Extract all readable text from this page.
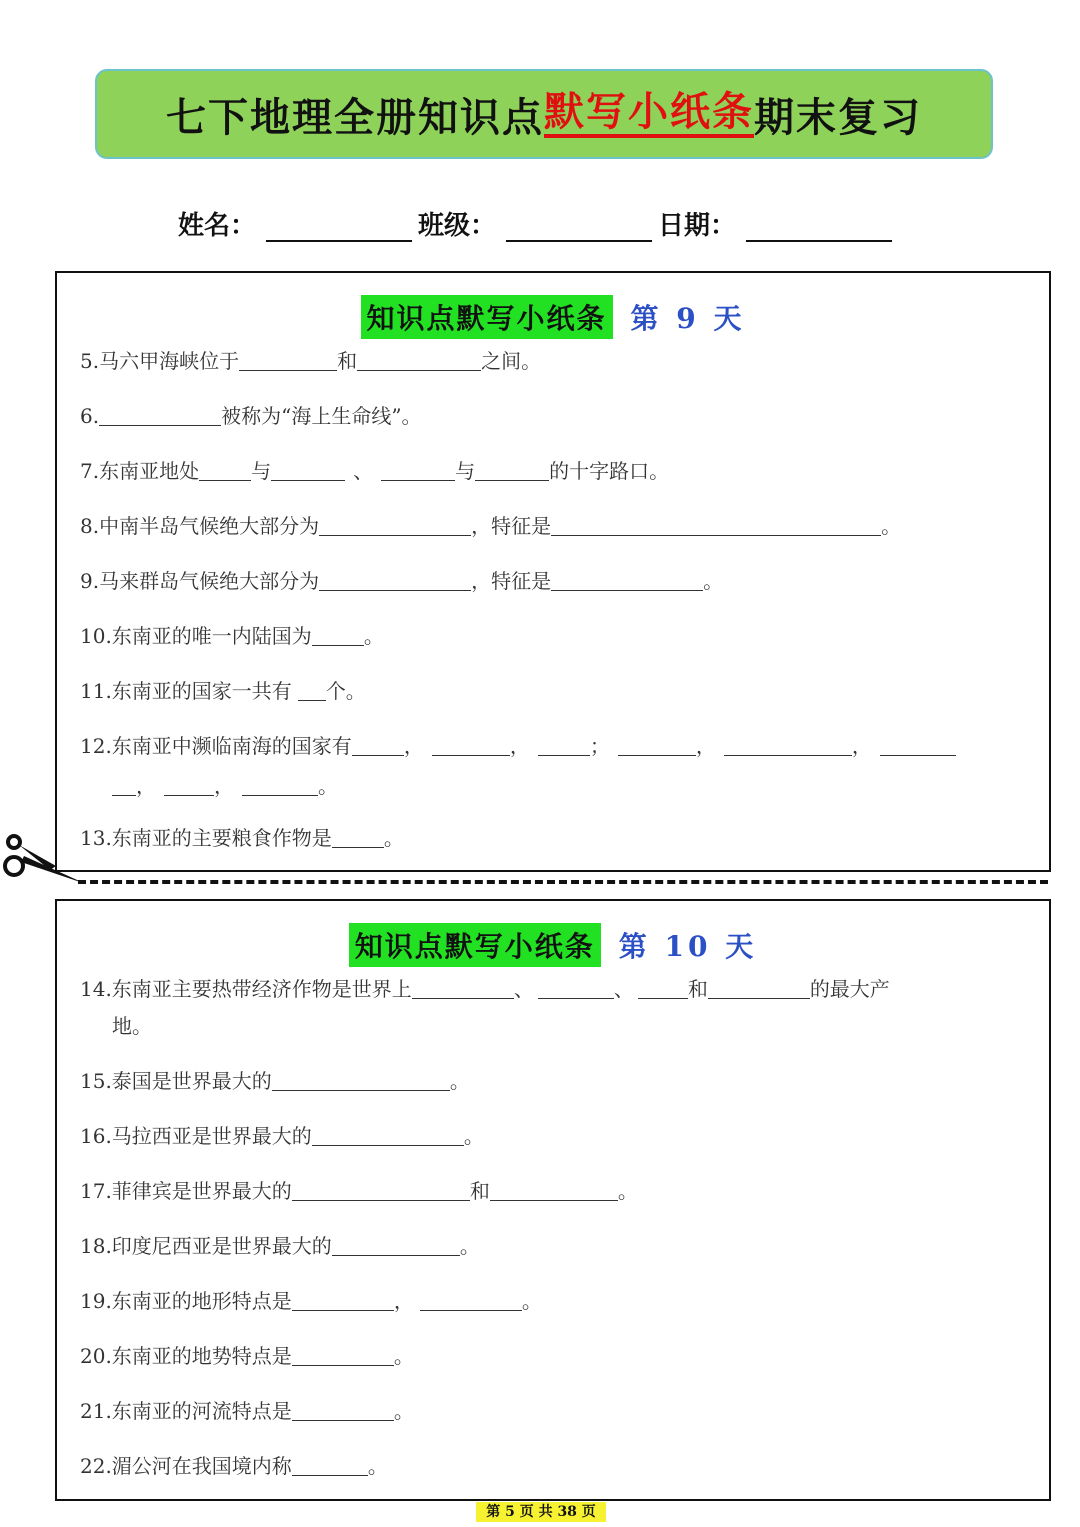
七下地理全册知识点 默写小纸条 期末复习
姓名：	班级：	日期：
知识点默写小纸条 第 9 天
5.马六甲海峡位于	和	之间。
6.	被称为“海上生命线”。
7.东南亚地处	与	、	与	的十字路口。
8.中南半岛气候绝大部分为	，特征是	。
9.马来群岛气候绝大部分为	，特征是	。
10.东南亚的唯一内陆国为	。
11.东南亚的国家一共有 个。
12.东南亚中濒临南海的国家有	，	，	；	，	，
，	，	。
13.东南亚的主要粮食作物是	。
知识点默写小纸条 第 10 天
14.东南亚主要热带经济作物是世界上	、	、	和	的最大产
地。
15.泰国是世界最大的	。
16.马拉西亚是世界最大的	。
17.菲律宾是世界最大的	和	。
18.印度尼西亚是世界最大的	。
19.东南亚的地形特点是	，	。
20.东南亚的地势特点是	。
21.东南亚的河流特点是	。
22.湄公河在我国境内称	。
第 5 页 共 38 页
